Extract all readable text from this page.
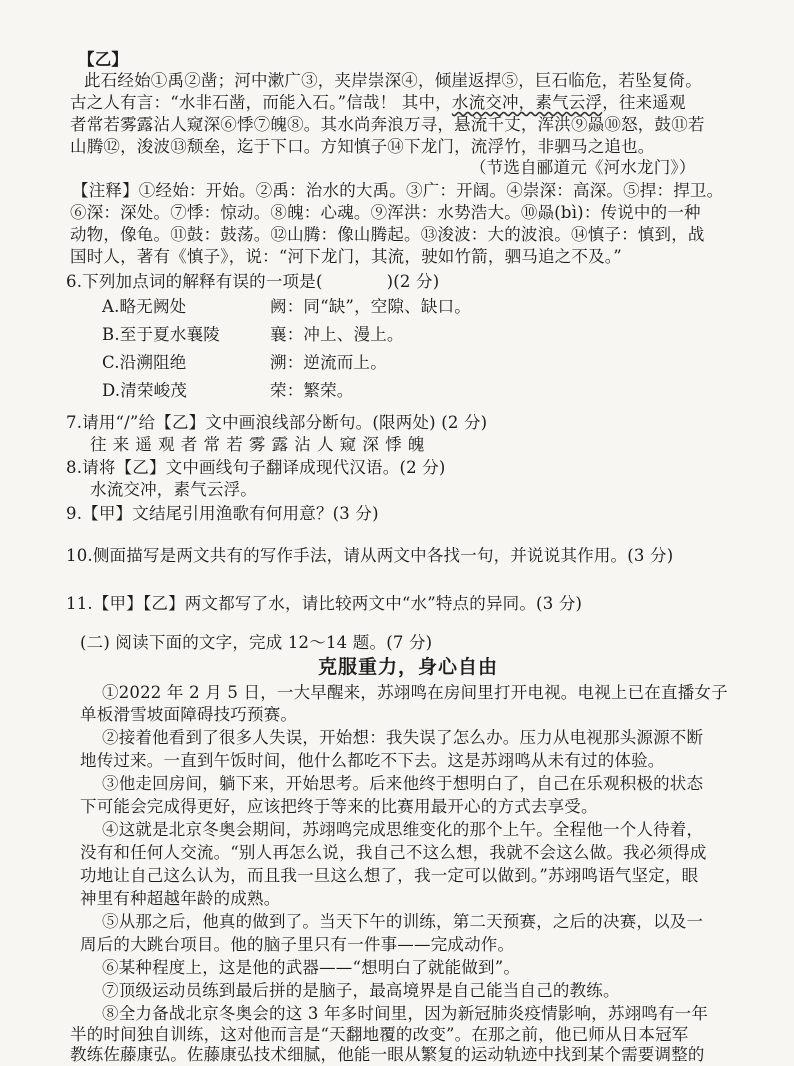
【乙】
此石经始①禹②凿；河中漱广③，夹岸崇深④，倾崖返捍⑤，巨石临危，若坠复倚。
古之人有言：“水非石凿，而能入石。”信哉！ 其中，水流交冲，素气云浮，往来遥观
者常若雾露沾人窥深⑥悸⑦魄⑧。其水尚奔浪万寻，悬流千丈，浑洪⑨赑⑩怒，鼓⑪若
山腾⑫，浚波⑬颓垒，迄于下口。方知慎子⑭下龙门，流浮竹，非驷马之追也。
（节选自郦道元《河水龙门》）
【注释】①经始：开始。②禹：治水的大禹。③广：开阔。④崇深：高深。⑤捍：捍卫。
⑥深：深处。⑦悸：惊动。⑧魄：心魂。⑨浑洪：水势浩大。⑩赑(bì)：传说中的一种
动物，像龟。⑪鼓：鼓荡。⑫山腾：像山腾起。⑬浚波：大的波浪。⑭慎子：慎到，战
国时人，著有《慎子》，说：“河下龙门，其流，驶如竹箭，驷马追之不及。”
6.下列加点词的解释有误的一项是(	)(2 分)
A.略无阙处	阙：同“缺”，空隙、缺口。
B.至于夏水襄陵	襄：冲上、漫上。
C.沿溯阻绝	溯：逆流而上。
D.清荣峻茂	荣：繁荣。
7.请用“/”给【乙】文中画浪线部分断句。(限两处) (2 分)
往来遥观者常若雾露沾人窥深悸魄
8.请将【乙】文中画线句子翻译成现代汉语。(2 分)
水流交冲，素气云浮。
9.【甲】文结尾引用渔歌有何用意？(3 分)
10.侧面描写是两文共有的写作手法，请从两文中各找一句，并说说其作用。(3 分)
11.【甲】【乙】两文都写了水，请比较两文中“水”特点的异同。(3 分)
(二) 阅读下面的文字，完成 12～14 题。(7 分)
克服重力，身心自由
①2022 年 2 月 5 日，一大早醒来，苏翊鸣在房间里打开电视。电视上已在直播女子
单板滑雪坡面障碍技巧预赛。
②接着他看到了很多人失误，开始想：我失误了怎么办。压力从电视那头源源不断
地传过来。一直到午饭时间，他什么都吃不下去。这是苏翊鸣从未有过的体验。
③他走回房间，躺下来，开始思考。后来他终于想明白了，自己在乐观积极的状态
下可能会完成得更好，应该把终于等来的比赛用最开心的方式去享受。
④这就是北京冬奥会期间，苏翊鸣完成思维变化的那个上午。全程他一个人待着，
没有和任何人交流。“别人再怎么说，我自己不这么想，我就不会这么做。我必须得成
功地让自己这么认为，而且我一旦这么想了，我一定可以做到。”苏翊鸣语气坚定，眼
神里有种超越年龄的成熟。
⑤从那之后，他真的做到了。当天下午的训练，第二天预赛，之后的决赛，以及一
周后的大跳台项目。他的脑子里只有一件事——完成动作。
⑥某种程度上，这是他的武器——“想明白了就能做到”。
⑦顶级运动员练到最后拼的是脑子，最高境界是自己能当自己的教练。
⑧全力备战北京冬奥会的这 3 年多时间里，因为新冠肺炎疫情影响，苏翊鸣有一年
半的时间独自训练，这对他而言是“天翻地覆的改变”。在那之前，他已师从日本冠军
教练佐藤康弘。佐藤康弘技术细腻，他能一眼从繁复的运动轨迹中找到某个需要调整的
